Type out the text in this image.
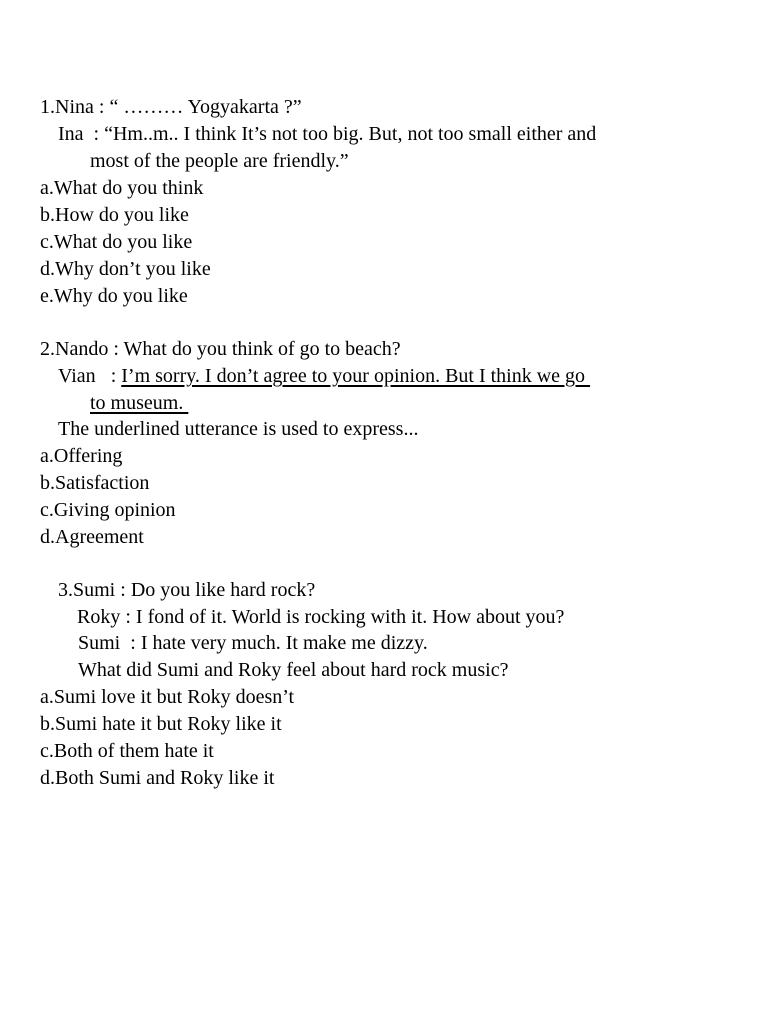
1.Nina : “ ……… Yogyakarta ?”
Ina  : “Hm..m.. I think It’s not too big. But, not too small either and
most of the people are friendly.”
a.What do you think
b.How do you like
c.What do you like
d.Why don’t you like
e.Why do you like
2.Nando : What do you think of go to beach?
Vian   : I’m sorry. I don’t agree to your opinion. But I think we go
to museum.
The underlined utterance is used to express...
a.Offering
b.Satisfaction
c.Giving opinion
d.Agreement
3.Sumi : Do you like hard rock?
Roky : I fond of it. World is rocking with it. How about you?
Sumi  : I hate very much. It make me dizzy.
What did Sumi and Roky feel about hard rock music?
a.Sumi love it but Roky doesn’t
b.Sumi hate it but Roky like it
c.Both of them hate it
d.Both Sumi and Roky like it
